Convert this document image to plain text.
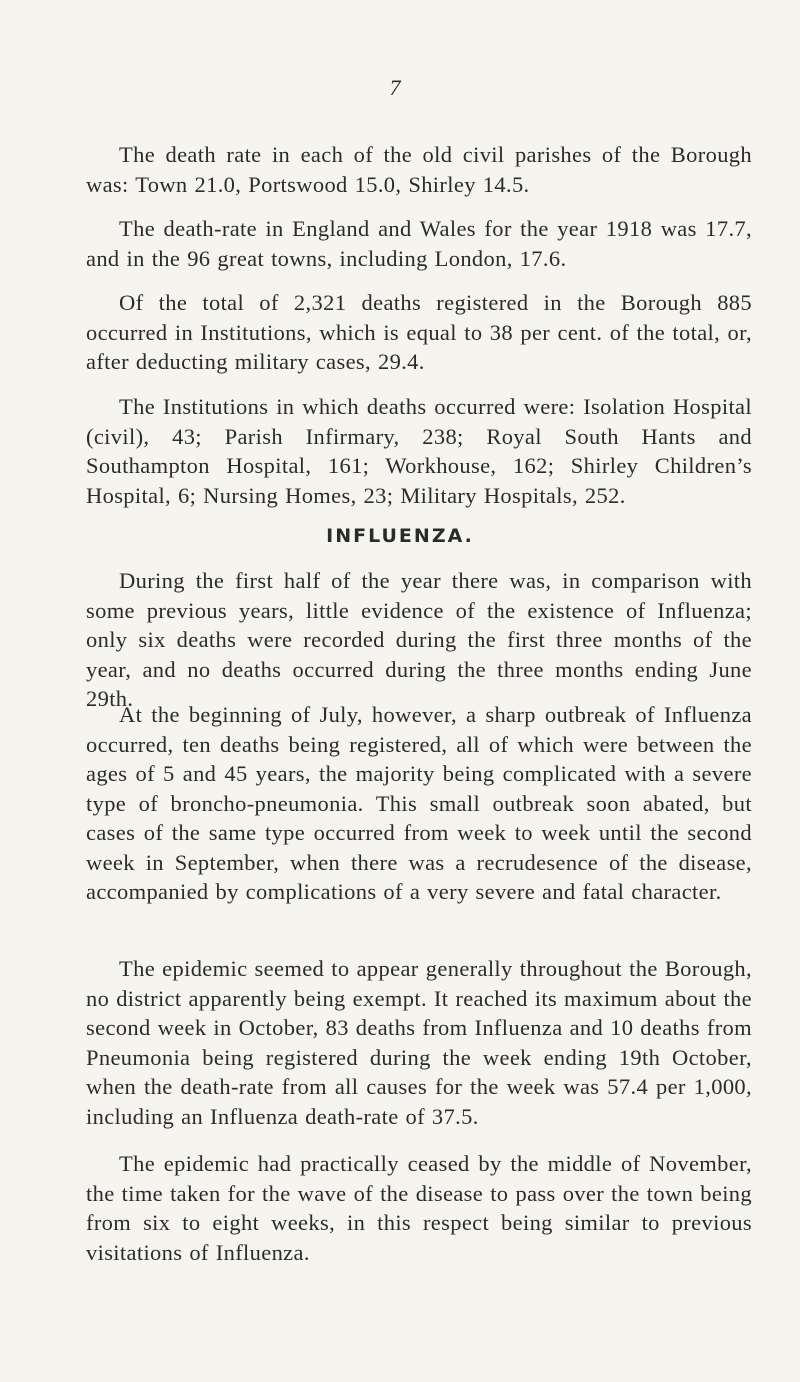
7

The death rate in each of the old civil parishes of the Borough was: Town 21.0, Portswood 15.0, Shirley 14.5.

The death-rate in England and Wales for the year 1918 was 17.7, and in the 96 great towns, including London, 17.6.

Of the total of 2,321 deaths registered in the Borough 885 occurred in Institutions, which is equal to 38 per cent. of the total, or, after deducting military cases, 29.4.

The Institutions in which deaths occurred were: Isolation Hospital (civil), 43; Parish Infirmary, 238; Royal South Hants and Southampton Hospital, 161; Workhouse, 162; Shirley Children’s Hospital, 6; Nursing Homes, 23; Military Hospitals, 252.

INFLUENZA.

During the first half of the year there was, in comparison with some previous years, little evidence of the existence of Influenza; only six deaths were recorded during the first three months of the year, and no deaths occurred during the three months ending June 29th.

At the beginning of July, however, a sharp outbreak of Influenza occurred, ten deaths being registered, all of which were between the ages of 5 and 45 years, the majority being complicated with a severe type of broncho-pneumonia. This small outbreak soon abated, but cases of the same type occurred from week to week until the second week in September, when there was a recrudesence of the disease, accompanied by complications of a very severe and fatal character.

The epidemic seemed to appear generally throughout the Borough, no district apparently being exempt. It reached its maximum about the second week in October, 83 deaths from Influenza and 10 deaths from Pneumonia being registered during the week ending 19th October, when the death-rate from all causes for the week was 57.4 per 1,000, including an Influenza death-rate of 37.5.

The epidemic had practically ceased by the middle of November, the time taken for the wave of the disease to pass over the town being from six to eight weeks, in this respect being similar to previous visitations of Influenza.
